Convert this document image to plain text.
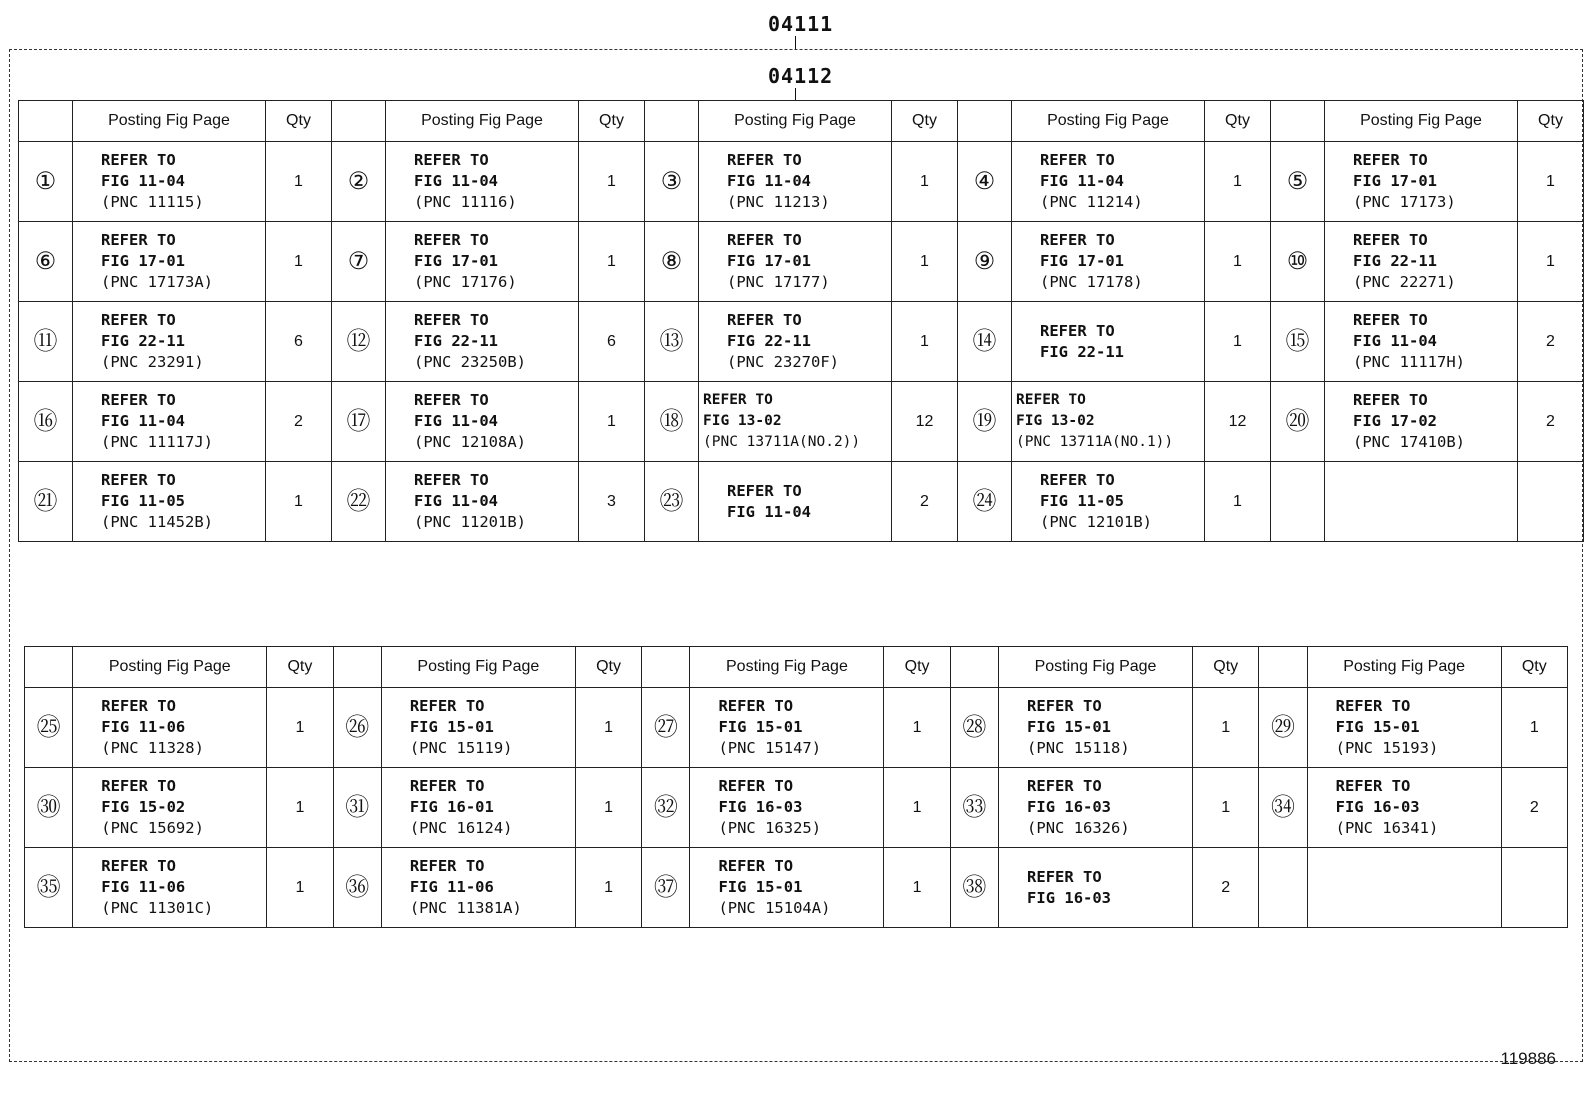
04111
04112
	Posting Fig Page	Qty		Posting Fig Page	Qty		Posting Fig Page	Qty		Posting Fig Page	Qty		Posting Fig Page	Qty
①	REFER TO
FIG 11-04
(PNC 11115)	1	②	REFER TO
FIG 11-04
(PNC 11116)	1	③	REFER TO
FIG 11-04
(PNC 11213)	1	④	REFER TO
FIG 11-04
(PNC 11214)	1	⑤	REFER TO
FIG 17-01
(PNC 17173)	1
⑥	REFER TO
FIG 17-01
(PNC 17173A)	1	⑦	REFER TO
FIG 17-01
(PNC 17176)	1	⑧	REFER TO
FIG 17-01
(PNC 17177)	1	⑨	REFER TO
FIG 17-01
(PNC 17178)	1	⑩	REFER TO
FIG 22-11
(PNC 22271)	1
⑪	REFER TO
FIG 22-11
(PNC 23291)	6	⑫	REFER TO
FIG 22-11
(PNC 23250B)	6	⑬	REFER TO
FIG 22-11
(PNC 23270F)	1	⑭	REFER TO
FIG 22-11	1	⑮	REFER TO
FIG 11-04
(PNC 11117H)	2
⑯	REFER TO
FIG 11-04
(PNC 11117J)	2	⑰	REFER TO
FIG 11-04
(PNC 12108A)	1	⑱	REFER TO
FIG 13-02
(PNC 13711A(NO.2))	12	⑲	REFER TO
FIG 13-02
(PNC 13711A(NO.1))	12	⑳	REFER TO
FIG 17-02
(PNC 17410B)	2
㉑	REFER TO
FIG 11-05
(PNC 11452B)	1	㉒	REFER TO
FIG 11-04
(PNC 11201B)	3	㉓	REFER TO
FIG 11-04	2	㉔	REFER TO
FIG 11-05
(PNC 12101B)	1		

	Posting Fig Page	Qty		Posting Fig Page	Qty		Posting Fig Page	Qty		Posting Fig Page	Qty		Posting Fig Page	Qty
㉕	REFER TO
FIG 11-06
(PNC 11328)	1	㉖	REFER TO
FIG 15-01
(PNC 15119)	1	㉗	REFER TO
FIG 15-01
(PNC 15147)	1	㉘	REFER TO
FIG 15-01
(PNC 15118)	1	㉙	REFER TO
FIG 15-01
(PNC 15193)	1
㉚	REFER TO
FIG 15-02
(PNC 15692)	1	㉛	REFER TO
FIG 16-01
(PNC 16124)	1	㉜	REFER TO
FIG 16-03
(PNC 16325)	1	㉝	REFER TO
FIG 16-03
(PNC 16326)	1	㉞	REFER TO
FIG 16-03
(PNC 16341)	2
㉟	REFER TO
FIG 11-06
(PNC 11301C)	1	㊱	REFER TO
FIG 11-06
(PNC 11381A)	1	㊲	REFER TO
FIG 15-01
(PNC 15104A)	1	㊳	REFER TO
FIG 16-03	2		

119886
